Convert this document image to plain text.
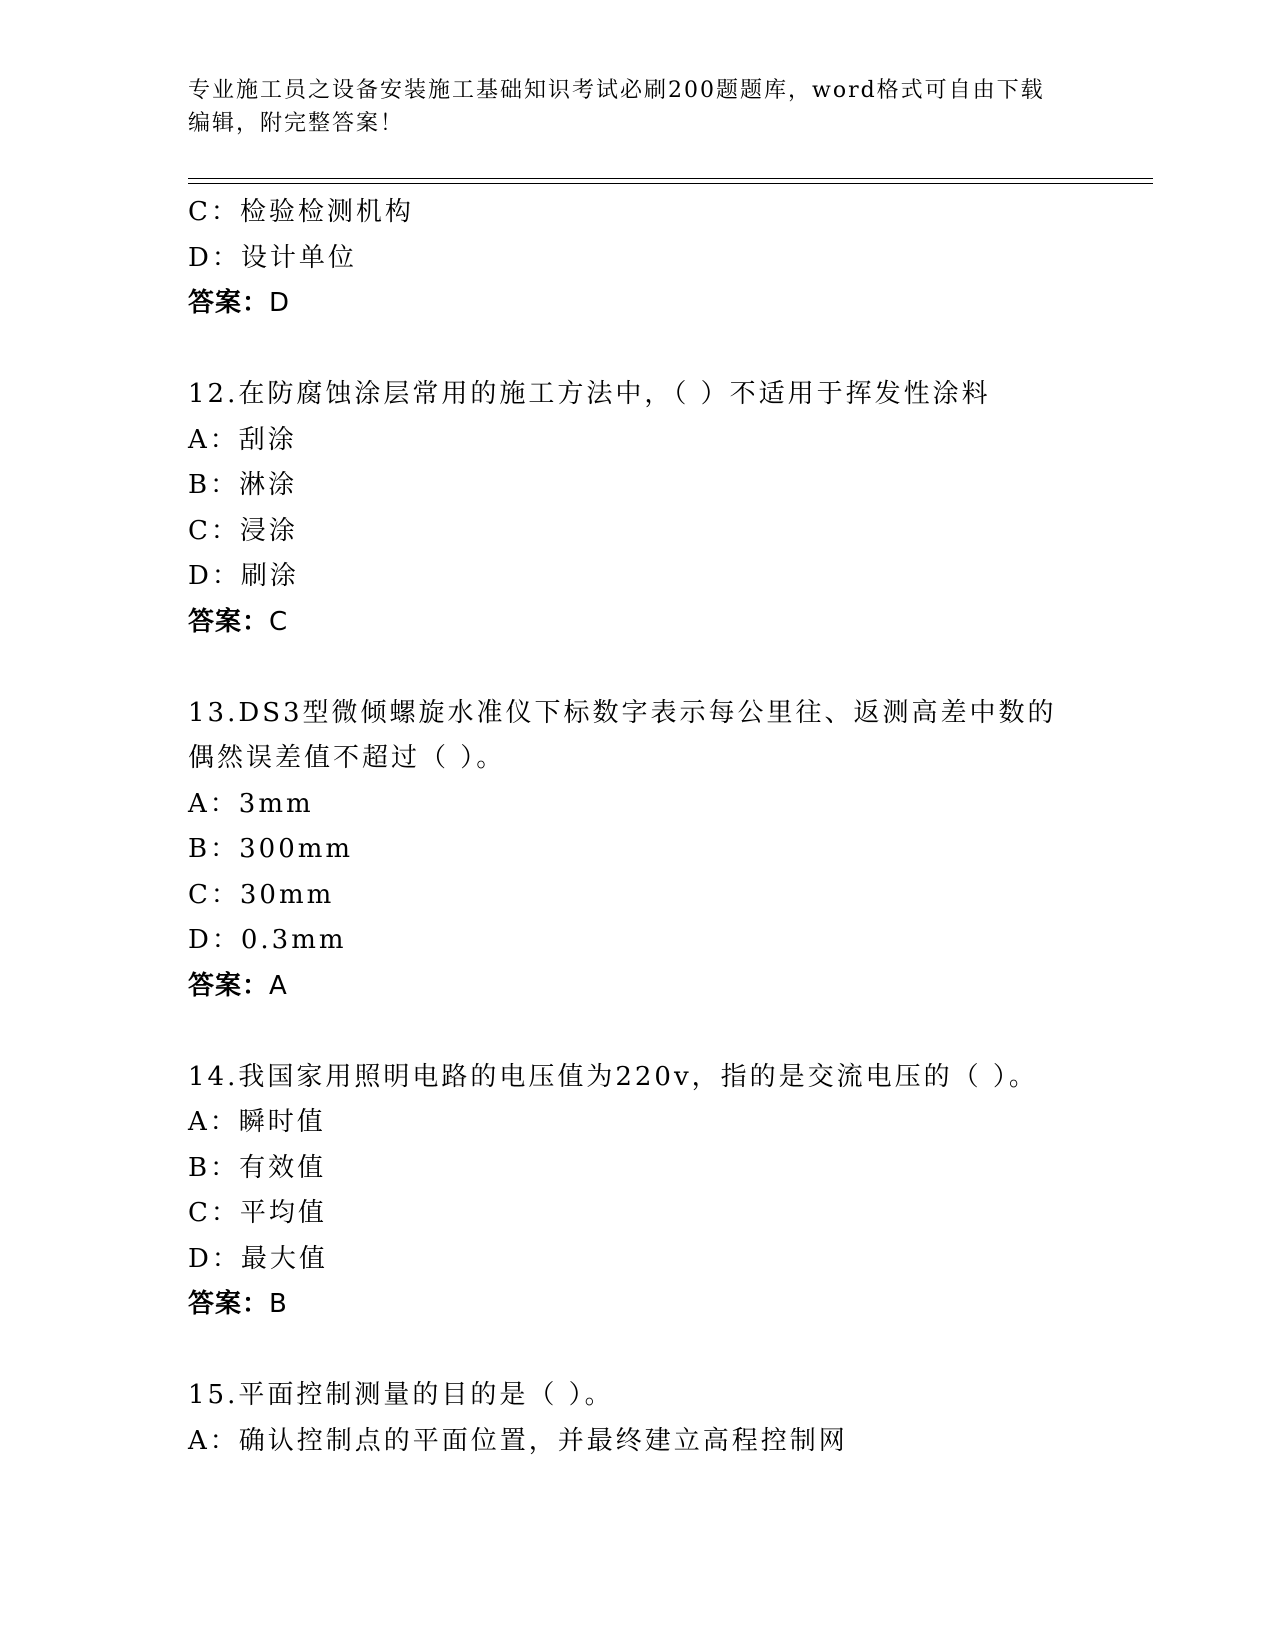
专业施工员之设备安装施工基础知识考试必刷200题题库，word格式可自由下载编辑，附完整答案！
C：检验检测机构
D：设计单位
答案：D
12.在防腐蚀涂层常用的施工方法中，（ ）不适用于挥发性涂料
A：刮涂
B：淋涂
C：浸涂
D：刷涂
答案：C
13.DS3型微倾螺旋水准仪下标数字表示每公里往、返测高差中数的偶然误差值不超过（ ）。
A：3mm
B：300mm
C：30mm
D：0.3mm
答案：A
14.我国家用照明电路的电压值为220v，指的是交流电压的（ ）。
A：瞬时值
B：有效值
C：平均值
D：最大值
答案：B
15.平面控制测量的目的是（ ）。
A：确认控制点的平面位置，并最终建立高程控制网
